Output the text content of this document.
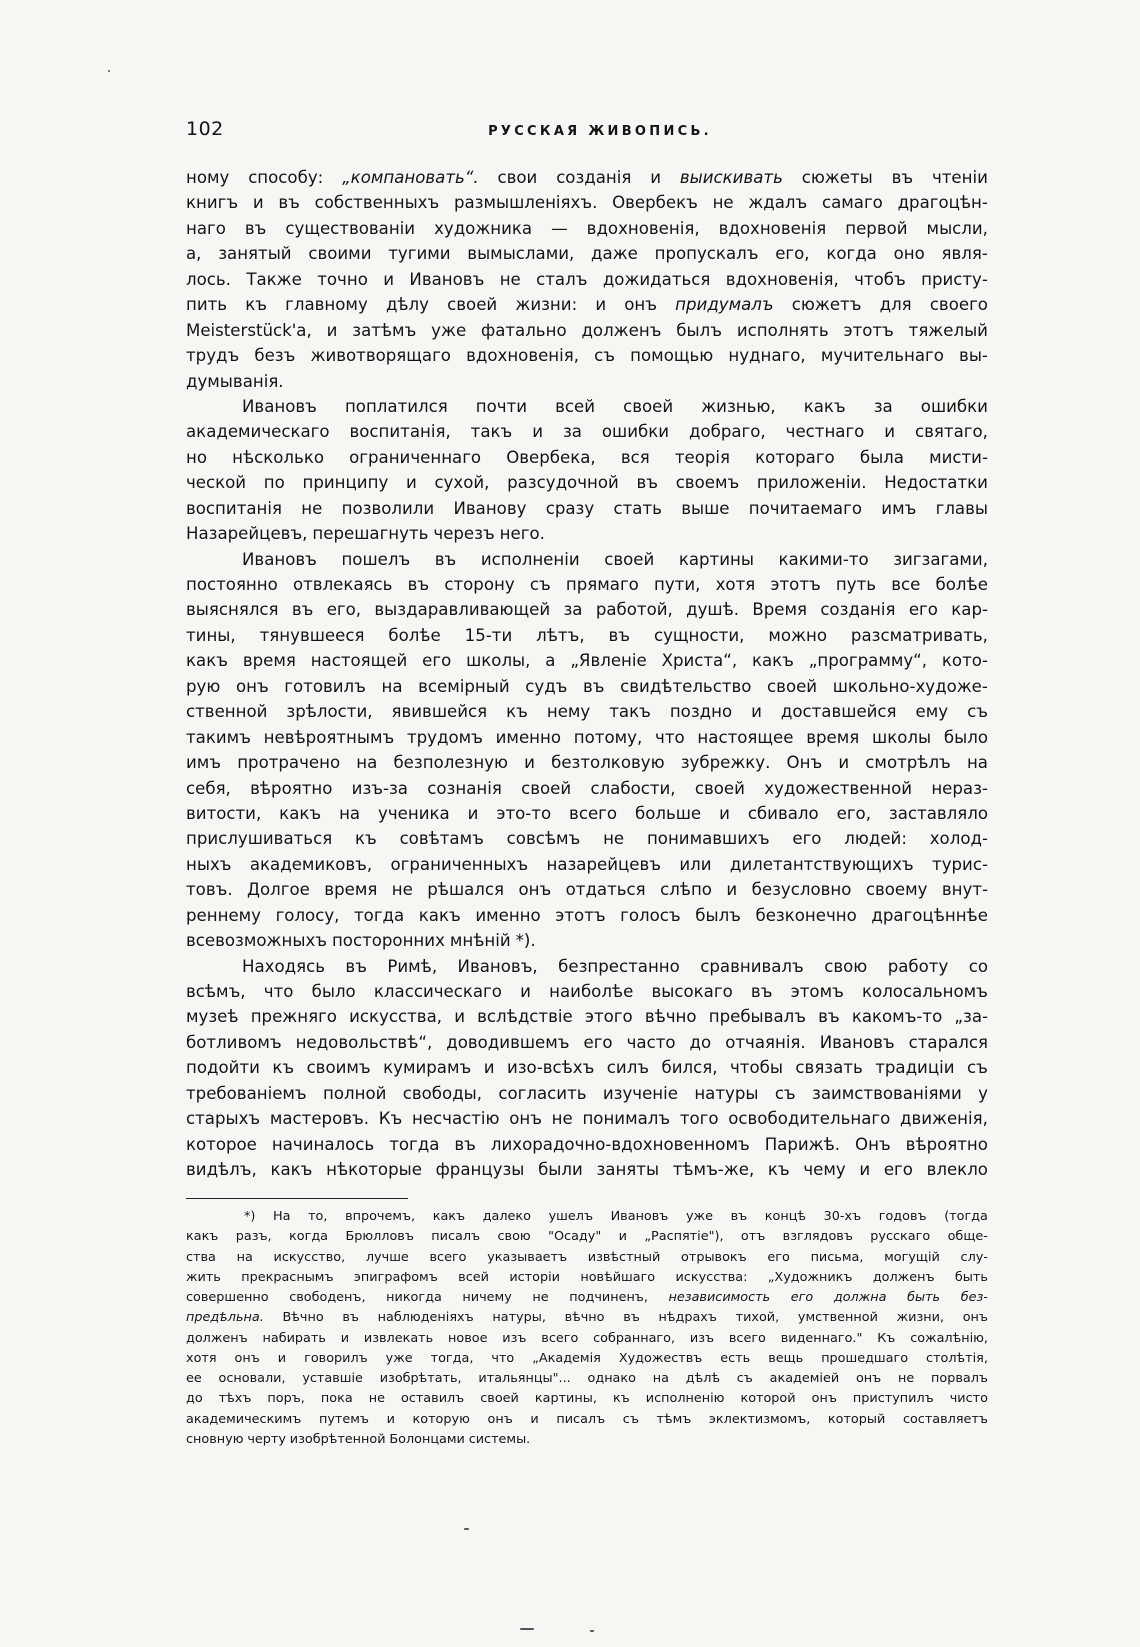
102	РУССКАЯ ЖИВОПИСЬ.
ному способу: „компановать“. свои созданія и выискивать сюжеты въ чтеніи
книгъ и въ собственныхъ размышленіяхъ. Овербекъ не ждалъ самаго драгоцѣн-
наго въ существованіи художника — вдохновенія, вдохновенія первой мысли,
а, занятый своими тугими вымыслами, даже пропускалъ его, когда оно явля-
лось. Также точно и Ивановъ не сталъ дожидаться вдохновенія, чтобъ присту-
пить къ главному дѣлу своей жизни: и онъ придумалъ сюжетъ для своего
Meisterstück'a, и затѣмъ уже фатально долженъ былъ исполнять этотъ тяжелый
трудъ безъ животворящаго вдохновенія, съ помощью нуднаго, мучительнаго вы-
думыванія.
Ивановъ поплатился почти всей своей жизнью, какъ за ошибки
академическаго воспитанія, такъ и за ошибки добраго, честнаго и святаго,
но нѣсколько ограниченнаго Овербека, вся теорія котораго была мисти-
ческой по принципу и сухой, разсудочной въ своемъ приложеніи. Недостатки
воспитанія не позволили Иванову сразу стать выше почитаемаго имъ главы
Назарейцевъ, перешагнуть черезъ него.
Ивановъ пошелъ въ исполненіи своей картины какими-то зигзагами,
постоянно отвлекаясь въ сторону съ прямаго пути, хотя этотъ путь все болѣе
выяснялся въ его, выздаравливающей за работой, душѣ. Время созданія его кар-
тины, тянувшееся болѣе 15-ти лѣтъ, въ сущности, можно разсматривать,
какъ время настоящей его школы, а „Явленіе Христа“, какъ „программу“, кото-
рую онъ готовилъ на всемірный судъ въ свидѣтельство своей школьно-художе-
ственной зрѣлости, явившейся къ нему такъ поздно и доставшейся ему съ
такимъ невѣроятнымъ трудомъ именно потому, что настоящее время школы было
имъ протрачено на безполезную и безтолковую зубрежку. Онъ и смотрѣлъ на
себя, вѣроятно изъ-за сознанія своей слабости, своей художественной нераз-
витости, какъ на ученика и это-то всего больше и сбивало его, заставляло
прислушиваться къ совѣтамъ совсѣмъ не понимавшихъ его людей: холод-
ныхъ академиковъ, ограниченныхъ назарейцевъ или дилетантствующихъ турис-
товъ. Долгое время не рѣшался онъ отдаться слѣпо и безусловно своему внут-
реннему голосу, тогда какъ именно этотъ голосъ былъ безконечно драгоцѣннѣе
всевозможныхъ посторонних мнѣній *).
Находясь въ Римѣ, Ивановъ, безпрестанно сравнивалъ свою работу со
всѣмъ, что было классическаго и наиболѣе высокаго въ этомъ колосальномъ
музеѣ прежняго искусства, и вслѣдствіе этого вѣчно пребывалъ въ какомъ-то „за-
ботливомъ недовольствѣ“, доводившемъ его часто до отчаянія. Ивановъ старался
подойти къ своимъ кумирамъ и изо-всѣхъ силъ бился, чтобы связать традиціи съ
требованіемъ полной свободы, согласить изученіе натуры съ заимствованіями у
старыхъ мастеровъ. Къ несчастію онъ не понималъ того освободительнаго движенія,
которое начиналось тогда въ лихорадочно-вдохновенномъ Парижѣ. Онъ вѣроятно
видѣлъ, какъ нѣкоторые французы были заняты тѣмъ-же, къ чему и его влекло
*) На то, впрочемъ, какъ далеко ушелъ Ивановъ уже въ концѣ 30-хъ годовъ (тогда
какъ разъ, когда Брюлловъ писалъ свою "Осаду" и „Распятіе"), отъ взглядовъ русскаго обще-
ства на искусство, лучше всего указываетъ извѣстный отрывокъ его письма, могущій слу-
жить прекраснымъ эпиграфомъ всей исторіи новѣйшаго искусства: „Художникъ долженъ быть
совершенно свободенъ, никогда ничему не подчиненъ, независимость его должна быть без-
предѣльна. Вѣчно въ наблюденіяхъ натуры, вѣчно въ нѣдрахъ тихой, умственной жизни, онъ
долженъ набирать и извлекать новое изъ всего собраннаго, изъ всего виденнаго." Къ сожалѣнію,
хотя онъ и говорилъ уже тогда, что „Академія Художествъ есть вещь прошедшаго столѣтія,
ее основали, уставшіе изобрѣтать, итальянцы"... однако на дѣлѣ съ академіей онъ не порвалъ
до тѣхъ поръ, пока не оставилъ своей картины, къ исполненію которой онъ приступилъ чисто
академическимъ путемъ и которую онъ и писалъ съ тѣмъ эклектизмомъ, который составляетъ
сновную черту изобрѣтенной Болонцами системы.
